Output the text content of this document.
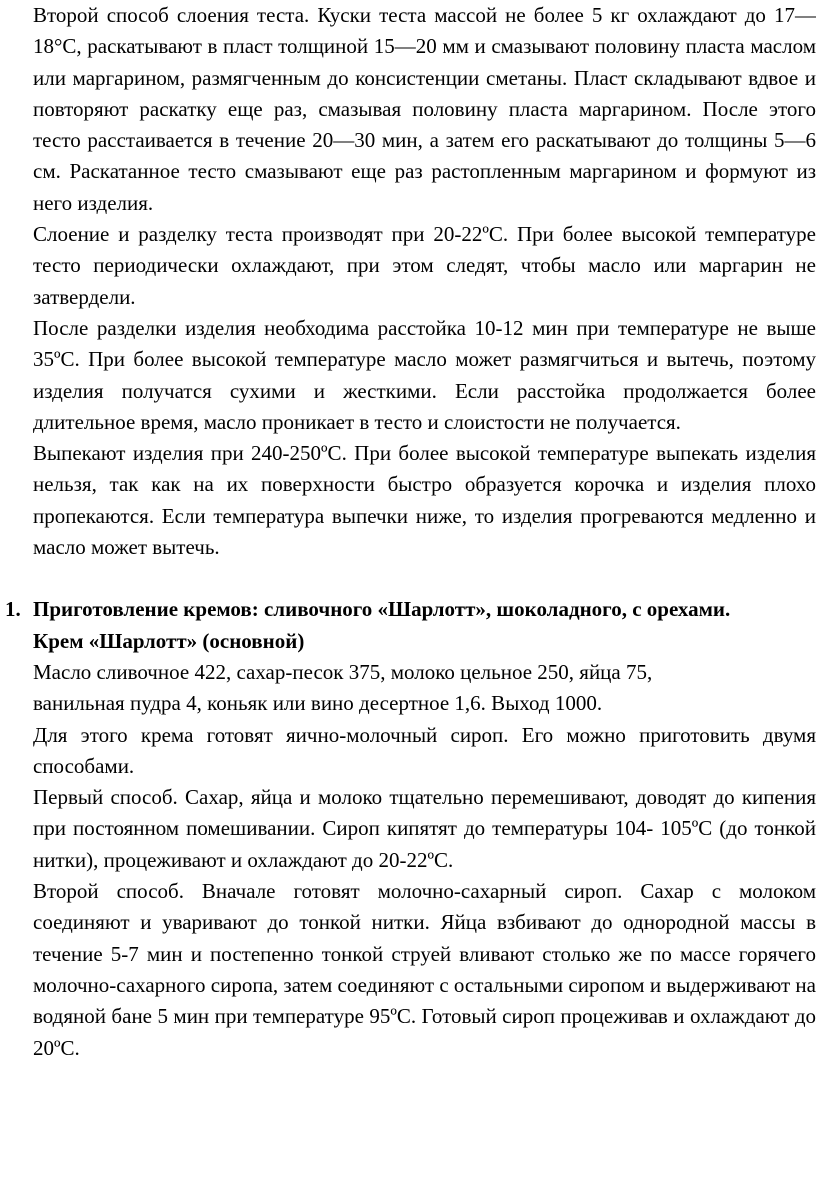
Второй способ слоения теста. Куски теста массой не более 5 кг охлаждают до 17—18°С, раскатывают в пласт толщиной 15—20 мм и смазывают половину пласта маслом или маргарином, размягченным до консистенции сметаны. Пласт складывают вдвое и повторяют раскатку еще раз, смазывая половину пласта маргарином. После этого тесто расстаивается в течение 20—30 мин, а затем его раскатывают до толщины 5—6 см. Раскатанное тесто смазывают еще раз растопленным маргарином и формуют из него изделия.

Слоение и разделку теста производят при 20-22ºС. При более высокой температуре тесто периодически охлаждают, при этом следят, чтобы масло или маргарин не затвердели.

После разделки изделия необходима расстойка 10-12 мин при температуре не выше 35ºС. При более высокой температуре масло может размягчиться и вытечь, поэтому изделия получатся сухими и жесткими. Если расстойка продолжается более длительное время, масло проникает в тесто и слоистости не получается.

Выпекают изделия при 240-250ºС. При более высокой температуре выпекать изделия нельзя, так как на их поверхности быстро образуется корочка и изделия плохо пропекаются. Если температура выпечки ниже, то изделия прогреваются медленно и масло может вытечь.

1. Приготовление кремов: сливочного «Шарлотт», шоколадного, с орехами.
Крем «Шарлотт» (основной)
Масло сливочное 422, сахар-песок 375, молоко цельное 250, яйца 75,
ванильная пудра 4, коньяк или вино десертное 1,6. Выход 1000.

Для этого крема готовят яично-молочный сироп. Его можно приготовить двумя способами.

Первый способ. Сахар, яйца и молоко тщательно перемешивают, доводят до кипения при постоянном помешивании. Сироп кипятят до температуры 104- 105ºС (до тонкой нитки), процеживают и охлаждают до 20-22ºС.

Второй способ. Вначале готовят молочно-сахарный сироп. Сахар с молоком соединяют и уваривают до тонкой нитки. Яйца взбивают до однородной массы в течение 5-7 мин и постепенно тонкой струей вливают столько же по массе горячего молочно-сахарного сиропа, затем соединяют с остальными сиропом и выдерживают на водяной бане 5 мин при температуре 95ºС. Готовый сироп процеживав и охлаждают до 20ºС.
